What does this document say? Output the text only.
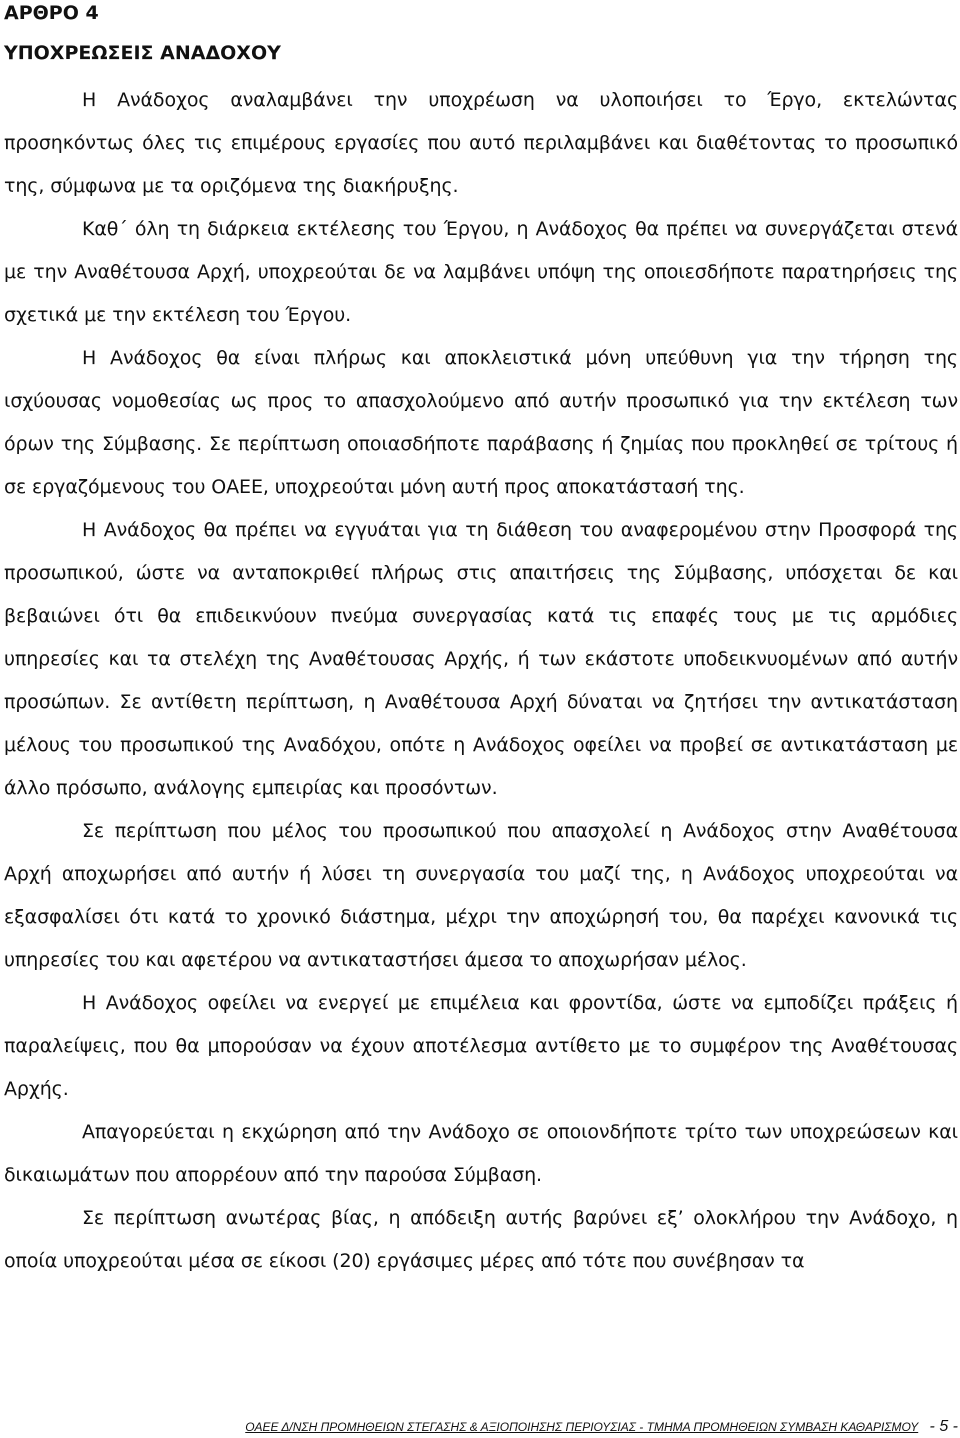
ΑΡΘΡΟ 4
ΥΠΟΧΡΕΩΣΕΙΣ ΑΝΑΔΟΧΟΥ

Η Ανάδοχος αναλαμβάνει την υποχρέωση να υλοποιήσει το Έργο, εκτελώντας προσηκόντως όλες τις επιμέρους εργασίες που αυτό περιλαμβάνει και διαθέτοντας το προσωπικό της, σύμφωνα με τα οριζόμενα της διακήρυξης.

Καθ΄ όλη τη διάρκεια εκτέλεσης του Έργου, η Ανάδοχος θα πρέπει να συνεργάζεται στενά με την Αναθέτουσα Αρχή, υποχρεούται δε να λαμβάνει υπόψη της οποιεσδήποτε παρατηρήσεις της σχετικά με την εκτέλεση του Έργου.

Η Ανάδοχος θα είναι πλήρως και αποκλειστικά μόνη υπεύθυνη για την τήρηση της ισχύουσας νομοθεσίας ως προς το απασχολούμενο από αυτήν προσωπικό για την εκτέλεση των όρων της Σύμβασης. Σε περίπτωση οποιασδήποτε παράβασης ή ζημίας που προκληθεί σε τρίτους ή σε εργαζόμενους του ΟΑΕΕ, υποχρεούται μόνη αυτή προς αποκατάστασή της.

Η Ανάδοχος θα πρέπει να εγγυάται για τη διάθεση του αναφερομένου στην Προσφορά της προσωπικού, ώστε να ανταποκριθεί πλήρως στις απαιτήσεις της Σύμβασης, υπόσχεται δε και βεβαιώνει ότι θα επιδεικνύουν πνεύμα συνεργασίας κατά τις επαφές τους με τις αρμόδιες υπηρεσίες και τα στελέχη της Αναθέτουσας Αρχής, ή των εκάστοτε υποδεικνυομένων από αυτήν προσώπων. Σε αντίθετη περίπτωση, η Αναθέτουσα Αρχή δύναται να ζητήσει την αντικατάσταση μέλους του προσωπικού της Αναδόχου, οπότε η Ανάδοχος οφείλει να προβεί σε αντικατάσταση με άλλο πρόσωπο, ανάλογης εμπειρίας και προσόντων.

Σε περίπτωση που μέλος του προσωπικού που απασχολεί η Ανάδοχος στην Αναθέτουσα Αρχή αποχωρήσει από αυτήν ή λύσει τη συνεργασία του μαζί της, η Ανάδοχος υποχρεούται να εξασφαλίσει ότι κατά το χρονικό διάστημα, μέχρι την αποχώρησή του, θα παρέχει κανονικά τις υπηρεσίες του και αφετέρου να αντικαταστήσει άμεσα το αποχωρήσαν μέλος.

Η Ανάδοχος οφείλει να ενεργεί με επιμέλεια και φροντίδα, ώστε να εμποδίζει πράξεις ή παραλείψεις, που θα μπορούσαν να έχουν αποτέλεσμα αντίθετο με το συμφέρον της Αναθέτουσας Αρχής.

Απαγορεύεται η εκχώρηση από την Ανάδοχο σε οποιονδήποτε τρίτο των υποχρεώσεων και δικαιωμάτων που απορρέουν από την παρούσα Σύμβαση.

Σε περίπτωση ανωτέρας βίας, η απόδειξη αυτής βαρύνει εξ’ ολοκλήρου την Ανάδοχο, η οποία υποχρεούται μέσα σε είκοσι (20) εργάσιμες μέρες από τότε που συνέβησαν τα

ΟΑΕΕ Δ/ΝΣΗ ΠΡΟΜΗΘΕΙΩΝ ΣΤΕΓΑΣΗΣ & ΑΞΙΟΠΟΙΗΣΗΣ ΠΕΡΙΟΥΣΙΑΣ - ΤΜΗΜΑ ΠΡΟΜΗΘΕΙΩΝ ΣΥΜΒΑΣΗ ΚΑΘΑΡΙΣΜΟΥ - 5 -
